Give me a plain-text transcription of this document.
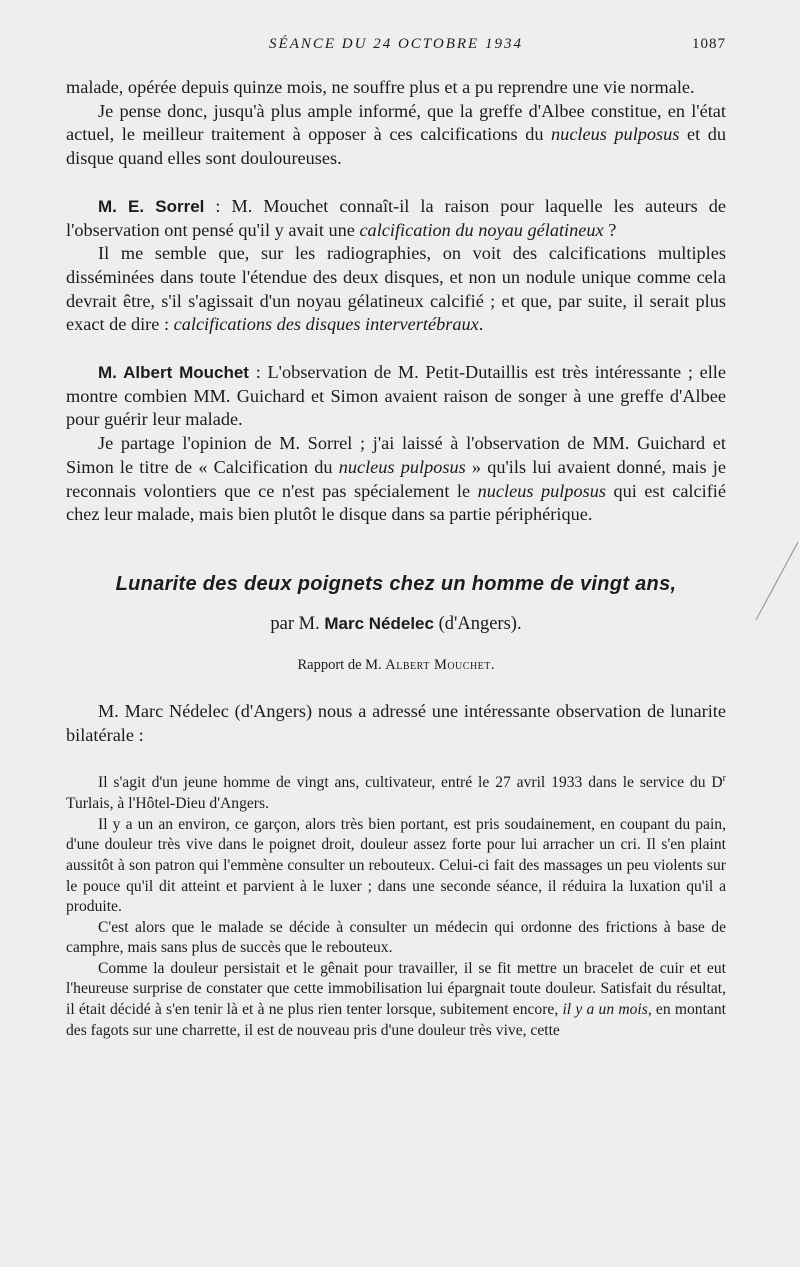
SÉANCE DU 24 OCTOBRE 1934	1087

malade, opérée depuis quinze mois, ne souffre plus et a pu reprendre une vie normale.

Je pense donc, jusqu'à plus ample informé, que la greffe d'Albee constitue, en l'état actuel, le meilleur traitement à opposer à ces calcifications du nucleus pulposus et du disque quand elles sont douloureuses.

M. E. Sorrel : M. Mouchet connaît-il la raison pour laquelle les auteurs de l'observation ont pensé qu'il y avait une calcification du noyau gélatineux ?

Il me semble que, sur les radiographies, on voit des calcifications multiples disséminées dans toute l'étendue des deux disques, et non un nodule unique comme cela devrait être, s'il s'agissait d'un noyau gélatineux calcifié ; et que, par suite, il serait plus exact de dire : calcifications des disques intervertébraux.

M. Albert Mouchet : L'observation de M. Petit-Dutaillis est très intéressante ; elle montre combien MM. Guichard et Simon avaient raison de songer à une greffe d'Albee pour guérir leur malade.

Je partage l'opinion de M. Sorrel ; j'ai laissé à l'observation de MM. Guichard et Simon le titre de « Calcification du nucleus pulposus » qu'ils lui avaient donné, mais je reconnais volontiers que ce n'est pas spécialement le nucleus pulposus qui est calcifié chez leur malade, mais bien plutôt le disque dans sa partie périphérique.

Lunarite des deux poignets chez un homme de vingt ans,

par M. Marc Nédelec (d'Angers).

Rapport de M. Albert Mouchet.

M. Marc Nédelec (d'Angers) nous a adressé une intéressante observation de lunarite bilatérale :

Il s'agit d'un jeune homme de vingt ans, cultivateur, entré le 27 avril 1933 dans le service du $D^r$ Turlais, à l'Hôtel-Dieu d'Angers.

Il y a un an environ, ce garçon, alors très bien portant, est pris soudainement, en coupant du pain, d'une douleur très vive dans le poignet droit, douleur assez forte pour lui arracher un cri. Il s'en plaint aussitôt à son patron qui l'emmène consulter un rebouteux. Celui-ci fait des massages un peu violents sur le pouce qu'il dit atteint et parvient à le luxer ; dans une seconde séance, il réduira la luxation qu'il a produite.

C'est alors que le malade se décide à consulter un médecin qui ordonne des frictions à base de camphre, mais sans plus de succès que le rebouteux.

Comme la douleur persistait et le gênait pour travailler, il se fit mettre un bracelet de cuir et eut l'heureuse surprise de constater que cette immobilisation lui épargnait toute douleur. Satisfait du résultat, il était décidé à s'en tenir là et à ne plus rien tenter lorsque, subitement encore, il y a un mois, en montant des fagots sur une charrette, il est de nouveau pris d'une douleur très vive, cette
